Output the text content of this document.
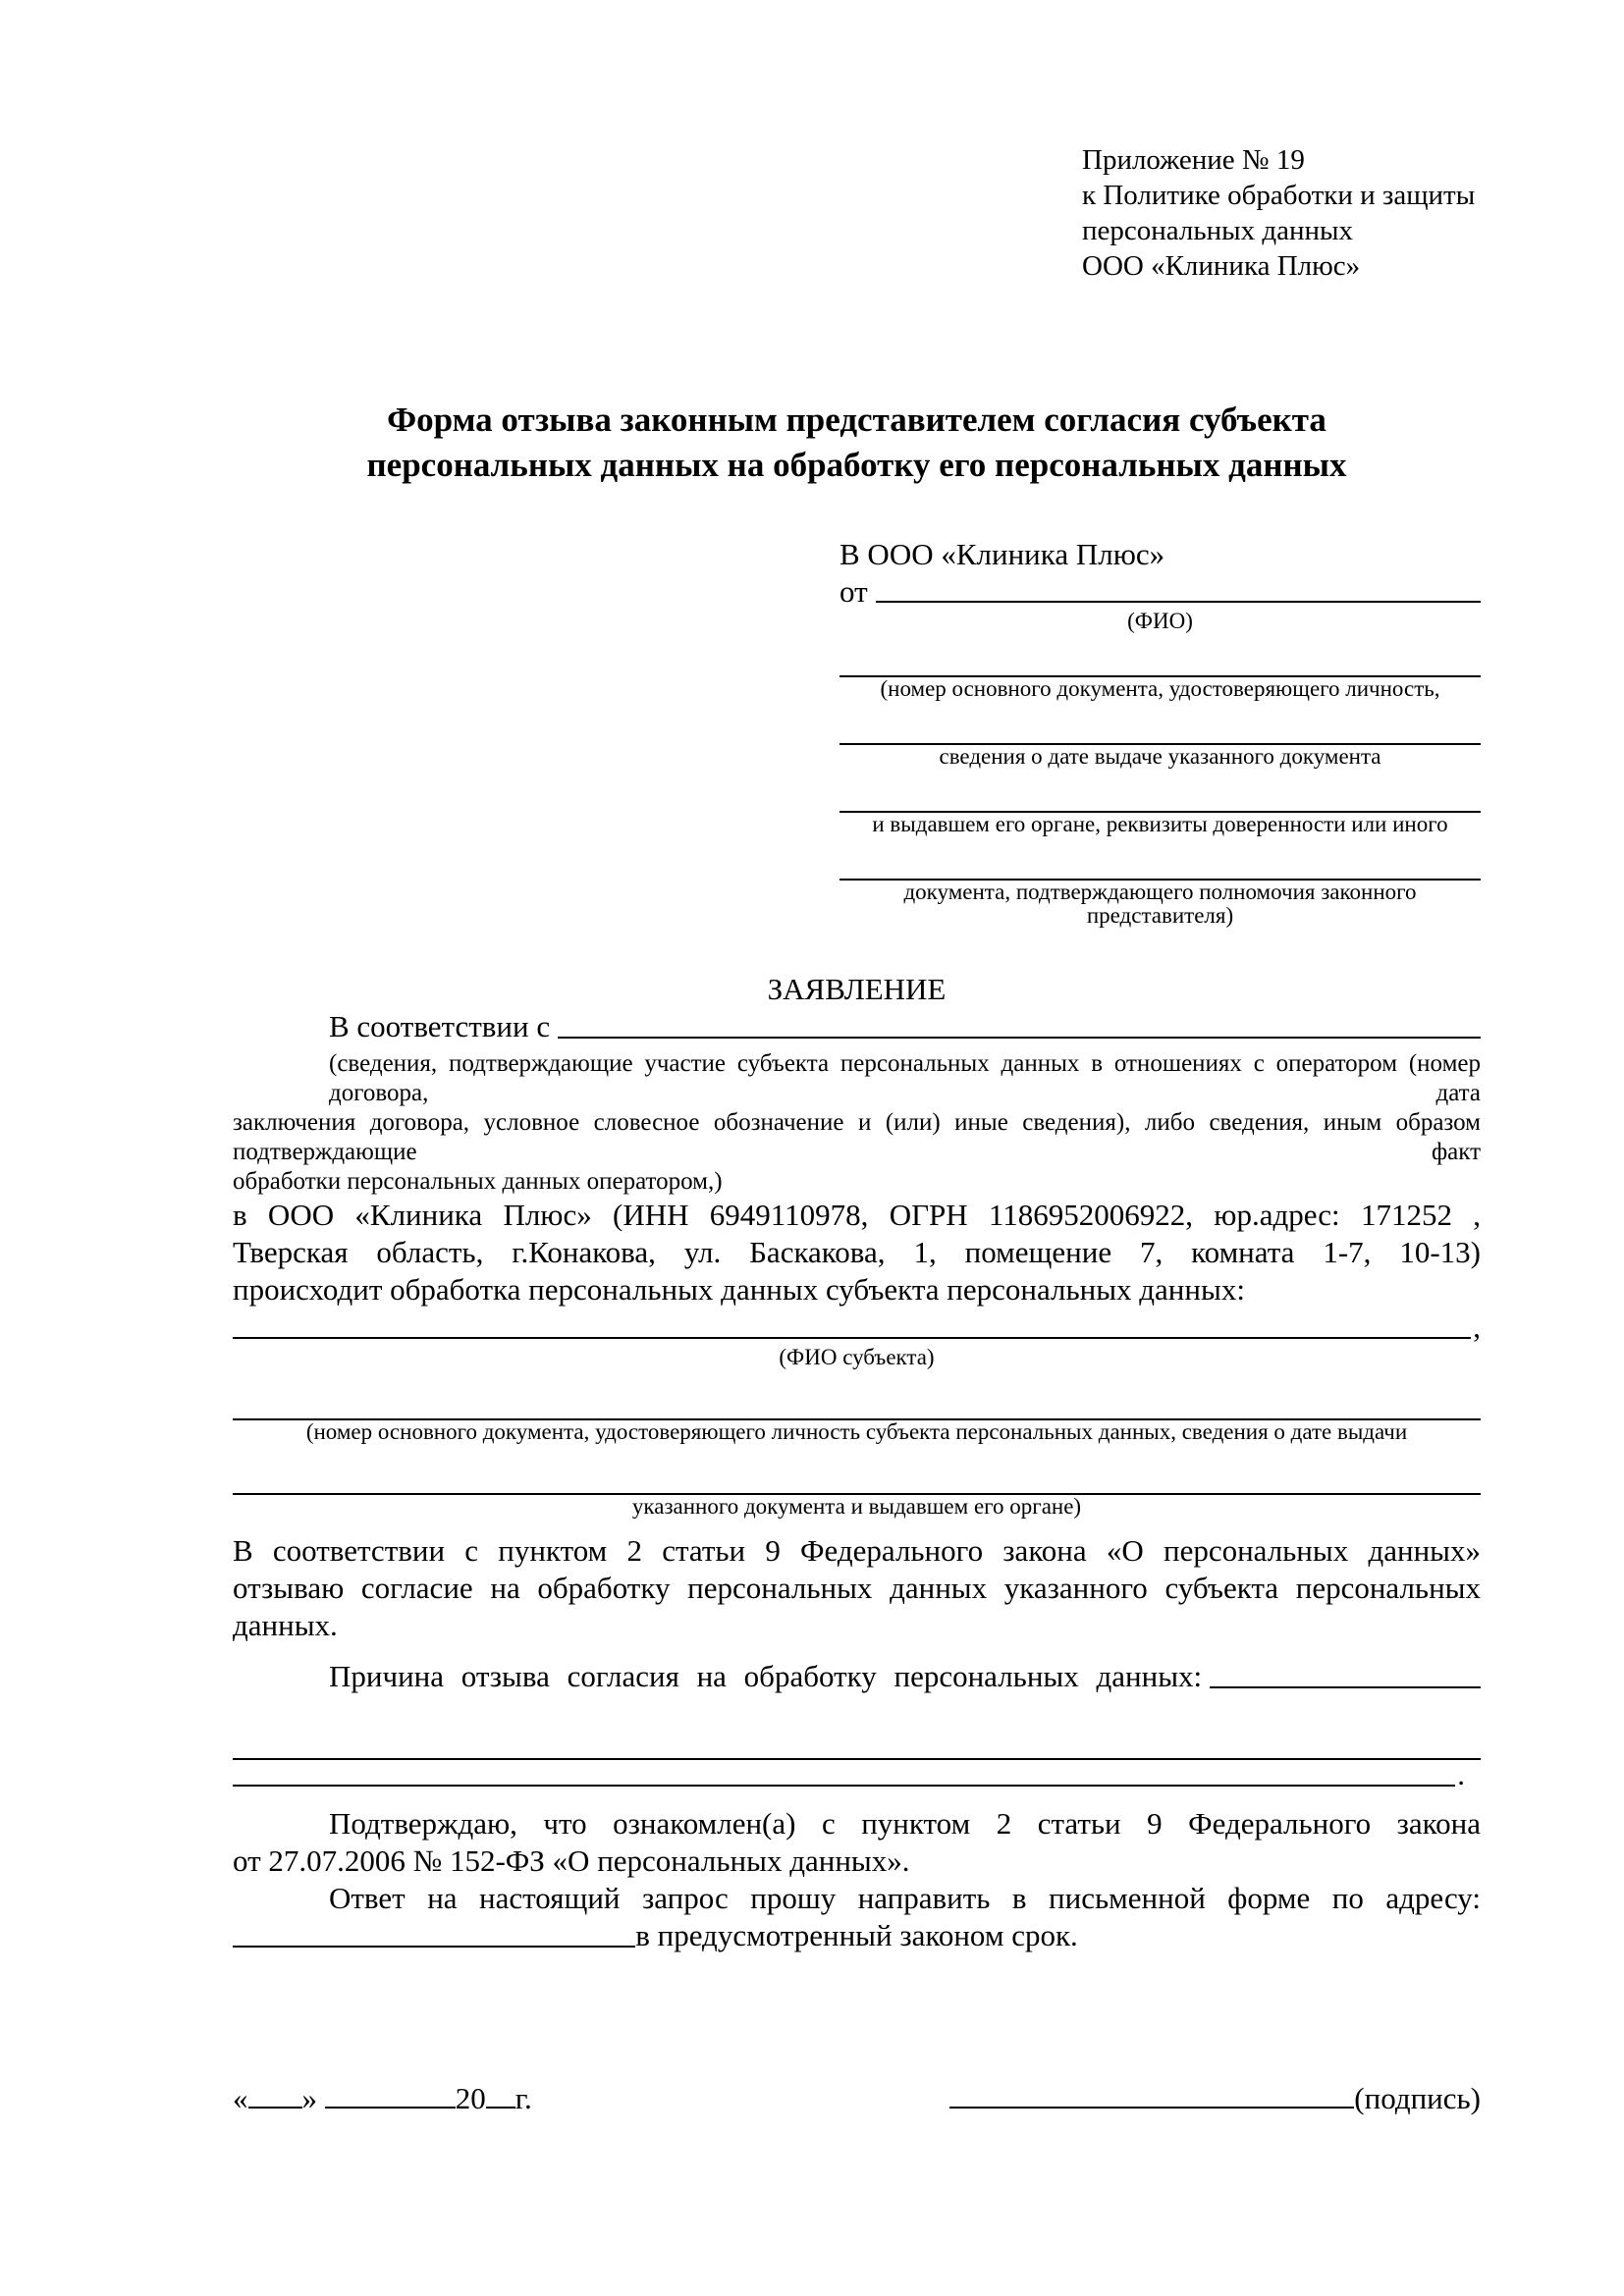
Приложение № 19
к Политике обработки и защиты
персональных данных
ООО «Клиника Плюс»
Форма отзыва законным представителем согласия субъекта
персональных данных на обработку его персональных данных
В ООО «Клиника Плюс»
от
(ФИО)
(номер основного документа, удостоверяющего личность,
сведения о дате выдаче указанного документа
и выдавшем его органе, реквизиты доверенности или иного
документа, подтверждающего полномочия законного представителя)
ЗАЯВЛЕНИЕ
В соответствии с
(сведения, подтверждающие участие субъекта персональных данных в отношениях с оператором (номер договора, дата
заключения договора, условное словесное обозначение и (или) иные сведения), либо сведения, иным образом подтверждающие факт
обработки персональных данных оператором,)
в ООО «Клиника Плюс» (ИНН 6949110978, ОГРН 1186952006922, юр.адрес: 171252 ,
Тверская область, г.Конакова, ул. Баскакова, 1, помещение 7, комната 1-7, 10-13)
происходит обработка персональных данных субъекта персональных данных:
,
(ФИО субъекта)
(номер основного документа, удостоверяющего личность субъекта персональных данных, сведения о дате выдачи
указанного документа и выдавшем его органе)
В соответствии с пунктом 2 статьи 9 Федерального закона «О персональных данных»
отзываю согласие на обработку персональных данных указанного субъекта персональных
данных.
Причина отзыва согласия на обработку персональных данных:
.
Подтверждаю, что ознакомлен(а) с пунктом 2 статьи 9 Федерального закона
от 27.07.2006 № 152-ФЗ «О персональных данных».
Ответ на настоящий запрос прошу направить в письменной форме по адресу:
в предусмотренный законом срок.
« »	20 г.	(подпись)
